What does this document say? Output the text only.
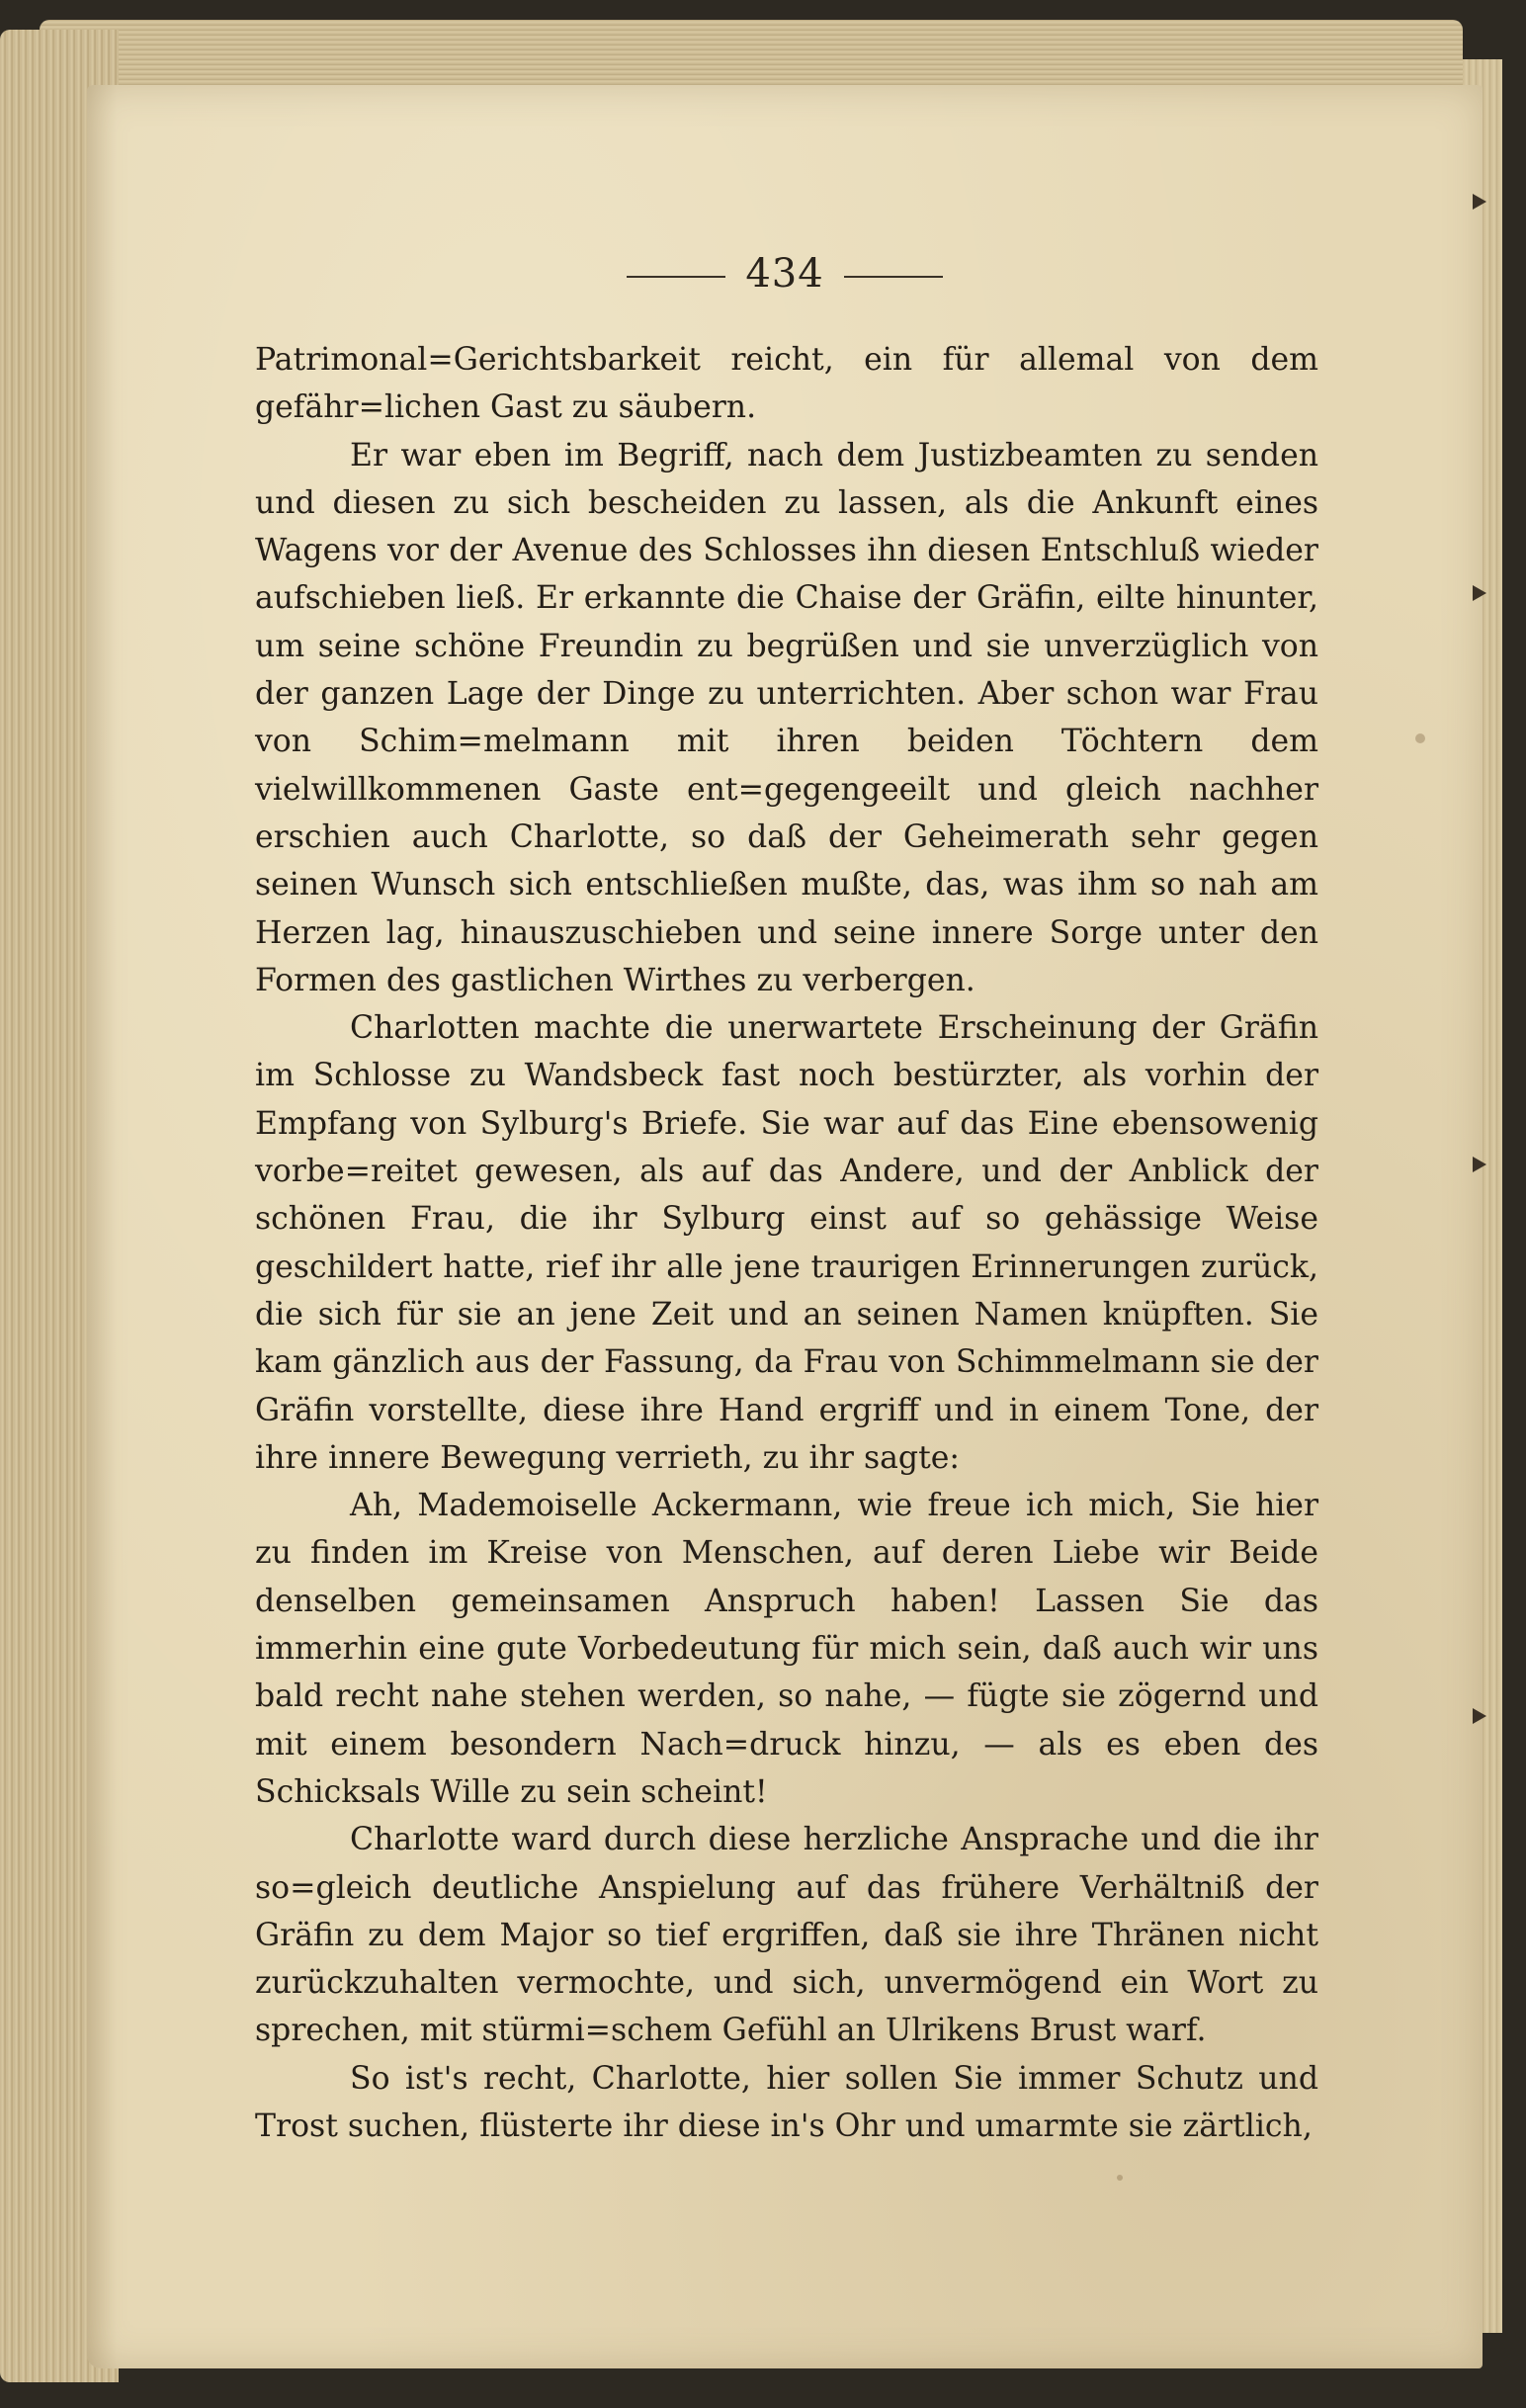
434

Patrimonal=Gerichtsbarkeit reicht, ein für allemal von dem gefähr=lichen Gast zu säubern.

Er war eben im Begriff, nach dem Justizbeamten zu senden und diesen zu sich bescheiden zu lassen, als die Ankunft eines Wagens vor der Avenue des Schlosses ihn diesen Entschluß wieder aufschieben ließ. Er erkannte die Chaise der Gräfin, eilte hinunter, um seine schöne Freundin zu begrüßen und sie unverzüglich von der ganzen Lage der Dinge zu unterrichten. Aber schon war Frau von Schim=melmann mit ihren beiden Töchtern dem vielwillkommenen Gaste ent=gegengeeilt und gleich nachher erschien auch Charlotte, so daß der Geheimerath sehr gegen seinen Wunsch sich entschließen mußte, das, was ihm so nah am Herzen lag, hinauszuschieben und seine innere Sorge unter den Formen des gastlichen Wirthes zu verbergen.

Charlotten machte die unerwartete Erscheinung der Gräfin im Schlosse zu Wandsbeck fast noch bestürzter, als vorhin der Empfang von Sylburg's Briefe. Sie war auf das Eine ebensowenig vorbe=reitet gewesen, als auf das Andere, und der Anblick der schönen Frau, die ihr Sylburg einst auf so gehässige Weise geschildert hatte, rief ihr alle jene traurigen Erinnerungen zurück, die sich für sie an jene Zeit und an seinen Namen knüpften. Sie kam gänzlich aus der Fassung, da Frau von Schimmelmann sie der Gräfin vorstellte, diese ihre Hand ergriff und in einem Tone, der ihre innere Bewegung verrieth, zu ihr sagte:

Ah, Mademoiselle Ackermann, wie freue ich mich, Sie hier zu finden im Kreise von Menschen, auf deren Liebe wir Beide denselben gemeinsamen Anspruch haben! Lassen Sie das immerhin eine gute Vorbedeutung für mich sein, daß auch wir uns bald recht nahe stehen werden, so nahe, — fügte sie zögernd und mit einem besondern Nach=druck hinzu, — als es eben des Schicksals Wille zu sein scheint!

Charlotte ward durch diese herzliche Ansprache und die ihr so=gleich deutliche Anspielung auf das frühere Verhältniß der Gräfin zu dem Major so tief ergriffen, daß sie ihre Thränen nicht zurückzuhalten vermochte, und sich, unvermögend ein Wort zu sprechen, mit stürmi=schem Gefühl an Ulrikens Brust warf.

So ist's recht, Charlotte, hier sollen Sie immer Schutz und Trost suchen, flüsterte ihr diese in's Ohr und umarmte sie zärtlich,
